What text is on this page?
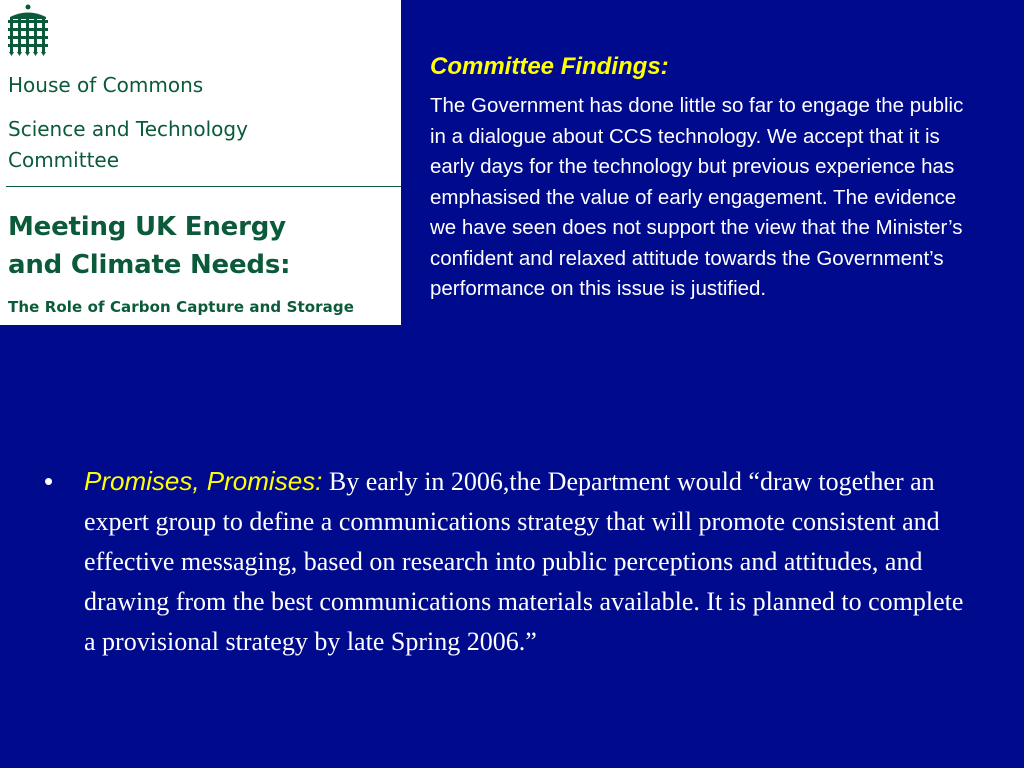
House of Commons

Science and Technology
Committee
Meeting UK Energy
and Climate Needs:

The Role of Carbon Capture and Storage

Committee Findings:

The Government has done little so far to engage the public in a dialogue about CCS technology. We accept that it is early days for the technology but previous experience has emphasised the value of early engagement. The evidence we have seen does not support the view that the Minister’s confident and relaxed attitude towards the Government’s performance on this issue is justified.

• Promises, Promises: By early in 2006,the Department would “draw together an expert group to define a communications strategy that will promote consistent and effective messaging, based on research into public perceptions and attitudes, and drawing from the best communications materials available. It is planned to complete a provisional strategy by late Spring 2006.”
